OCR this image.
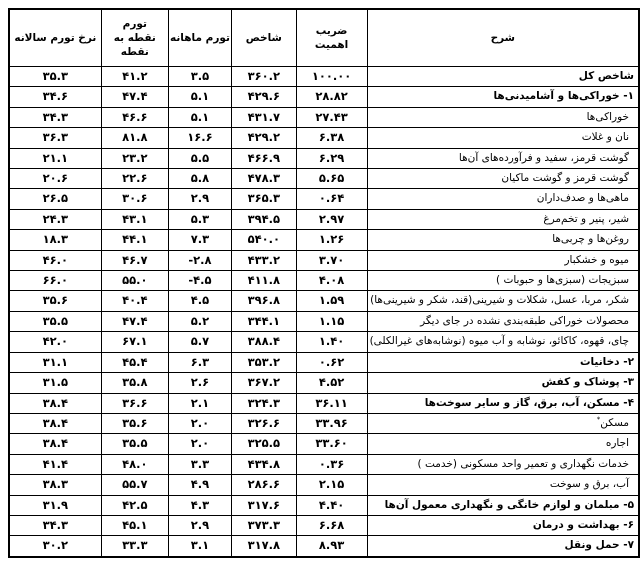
شرح	ضریب اهمیت	شاخص	تورم ماهانه	تورم نقطه به نقطه	نرخ تورم سالانه
شاخص کل	۱۰۰.۰۰	۳۶۰.۲	۳.۵	۴۱.۲	۳۵.۳
۱- خوراکی‌ها و آشامیدنی‌ها	۲۸.۸۲	۴۲۹.۶	۵.۱	۴۷.۴	۳۴.۶
خوراکی‌ها	۲۷.۴۳	۴۳۱.۷	۵.۱	۴۶.۶	۳۴.۳
نان و غلات	۶.۳۸	۴۲۹.۲	۱۶.۶	۸۱.۸	۳۶.۳
گوشت قرمز، سفید و فرآورده‌های آن‌ها	۶.۲۹	۴۶۶.۹	۵.۵	۲۳.۲	۲۱.۱
گوشت قرمز و گوشت ماکیان	۵.۶۵	۴۷۸.۳	۵.۸	۲۲.۶	۲۰.۶
ماهی‌ها و صدف‌داران	۰.۶۴	۳۶۵.۳	۲.۹	۳۰.۶	۲۶.۵
شیر، پنیر و تخم‌مرغ	۲.۹۷	۳۹۴.۵	۵.۳	۴۳.۱	۲۴.۳
روغن‌ها و چربی‌ها	۱.۲۶	۵۴۰.۰	۷.۳	۴۴.۱	۱۸.۳
میوه و خشکبار	۳.۷۰	۴۳۳.۲	-۲.۸	۴۶.۷	۴۶.۰
سبزیجات (سبزی‌ها و حبوبات )	۴.۰۸	۴۱۱.۸	-۴.۵	۵۵.۰	۶۶.۰
شکر، مربا، عسل، شکلات و شیرینی(قند، شکر و شیرینی‌ها)	۱.۵۹	۳۹۶.۸	۴.۵	۴۰.۴	۳۵.۶
محصولات خوراکی طبقه‌بندی نشده در جای دیگر	۱.۱۵	۳۴۴.۱	۵.۲	۴۷.۴	۳۵.۵
چای، قهوه، کاکائو، نوشابه و آب میوه (نوشابه‌های غیرالکلی)	۱.۴۰	۳۸۸.۴	۵.۷	۶۷.۱	۴۲.۰
۲- دخانیات	۰.۶۲	۳۵۳.۲	۶.۳	۴۵.۴	۳۱.۱
۳- پوشاک و کفش	۴.۵۲	۳۶۷.۲	۲.۶	۳۵.۸	۳۱.۵
۴- مسکن، آب، برق، گاز و سایر سوخت‌ها	۳۶.۱۱	۳۲۴.۳	۲.۱	۳۶.۶	۳۸.۴
مسکن*	۳۳.۹۶	۳۲۶.۶	۲.۰	۳۵.۶	۳۸.۴
اجاره	۳۳.۶۰	۳۲۵.۵	۲.۰	۳۵.۵	۳۸.۴
خدمات نگهداری و تعمیر واحد مسکونی (خدمت )	۰.۳۶	۴۳۴.۸	۳.۳	۴۸.۰	۴۱.۴
آب، برق و سوخت	۲.۱۵	۲۸۶.۶	۴.۹	۵۵.۷	۳۸.۳
۵- مبلمان و لوازم خانگی و نگهداری معمول آن‌ها	۴.۴۰	۳۱۷.۶	۴.۳	۴۲.۵	۳۱.۹
۶- بهداشت و درمان	۶.۶۸	۳۷۳.۳	۲.۹	۴۵.۱	۳۴.۳
۷- حمل ونقل	۸.۹۳	۳۱۷.۸	۳.۱	۳۳.۳	۳۰.۲
